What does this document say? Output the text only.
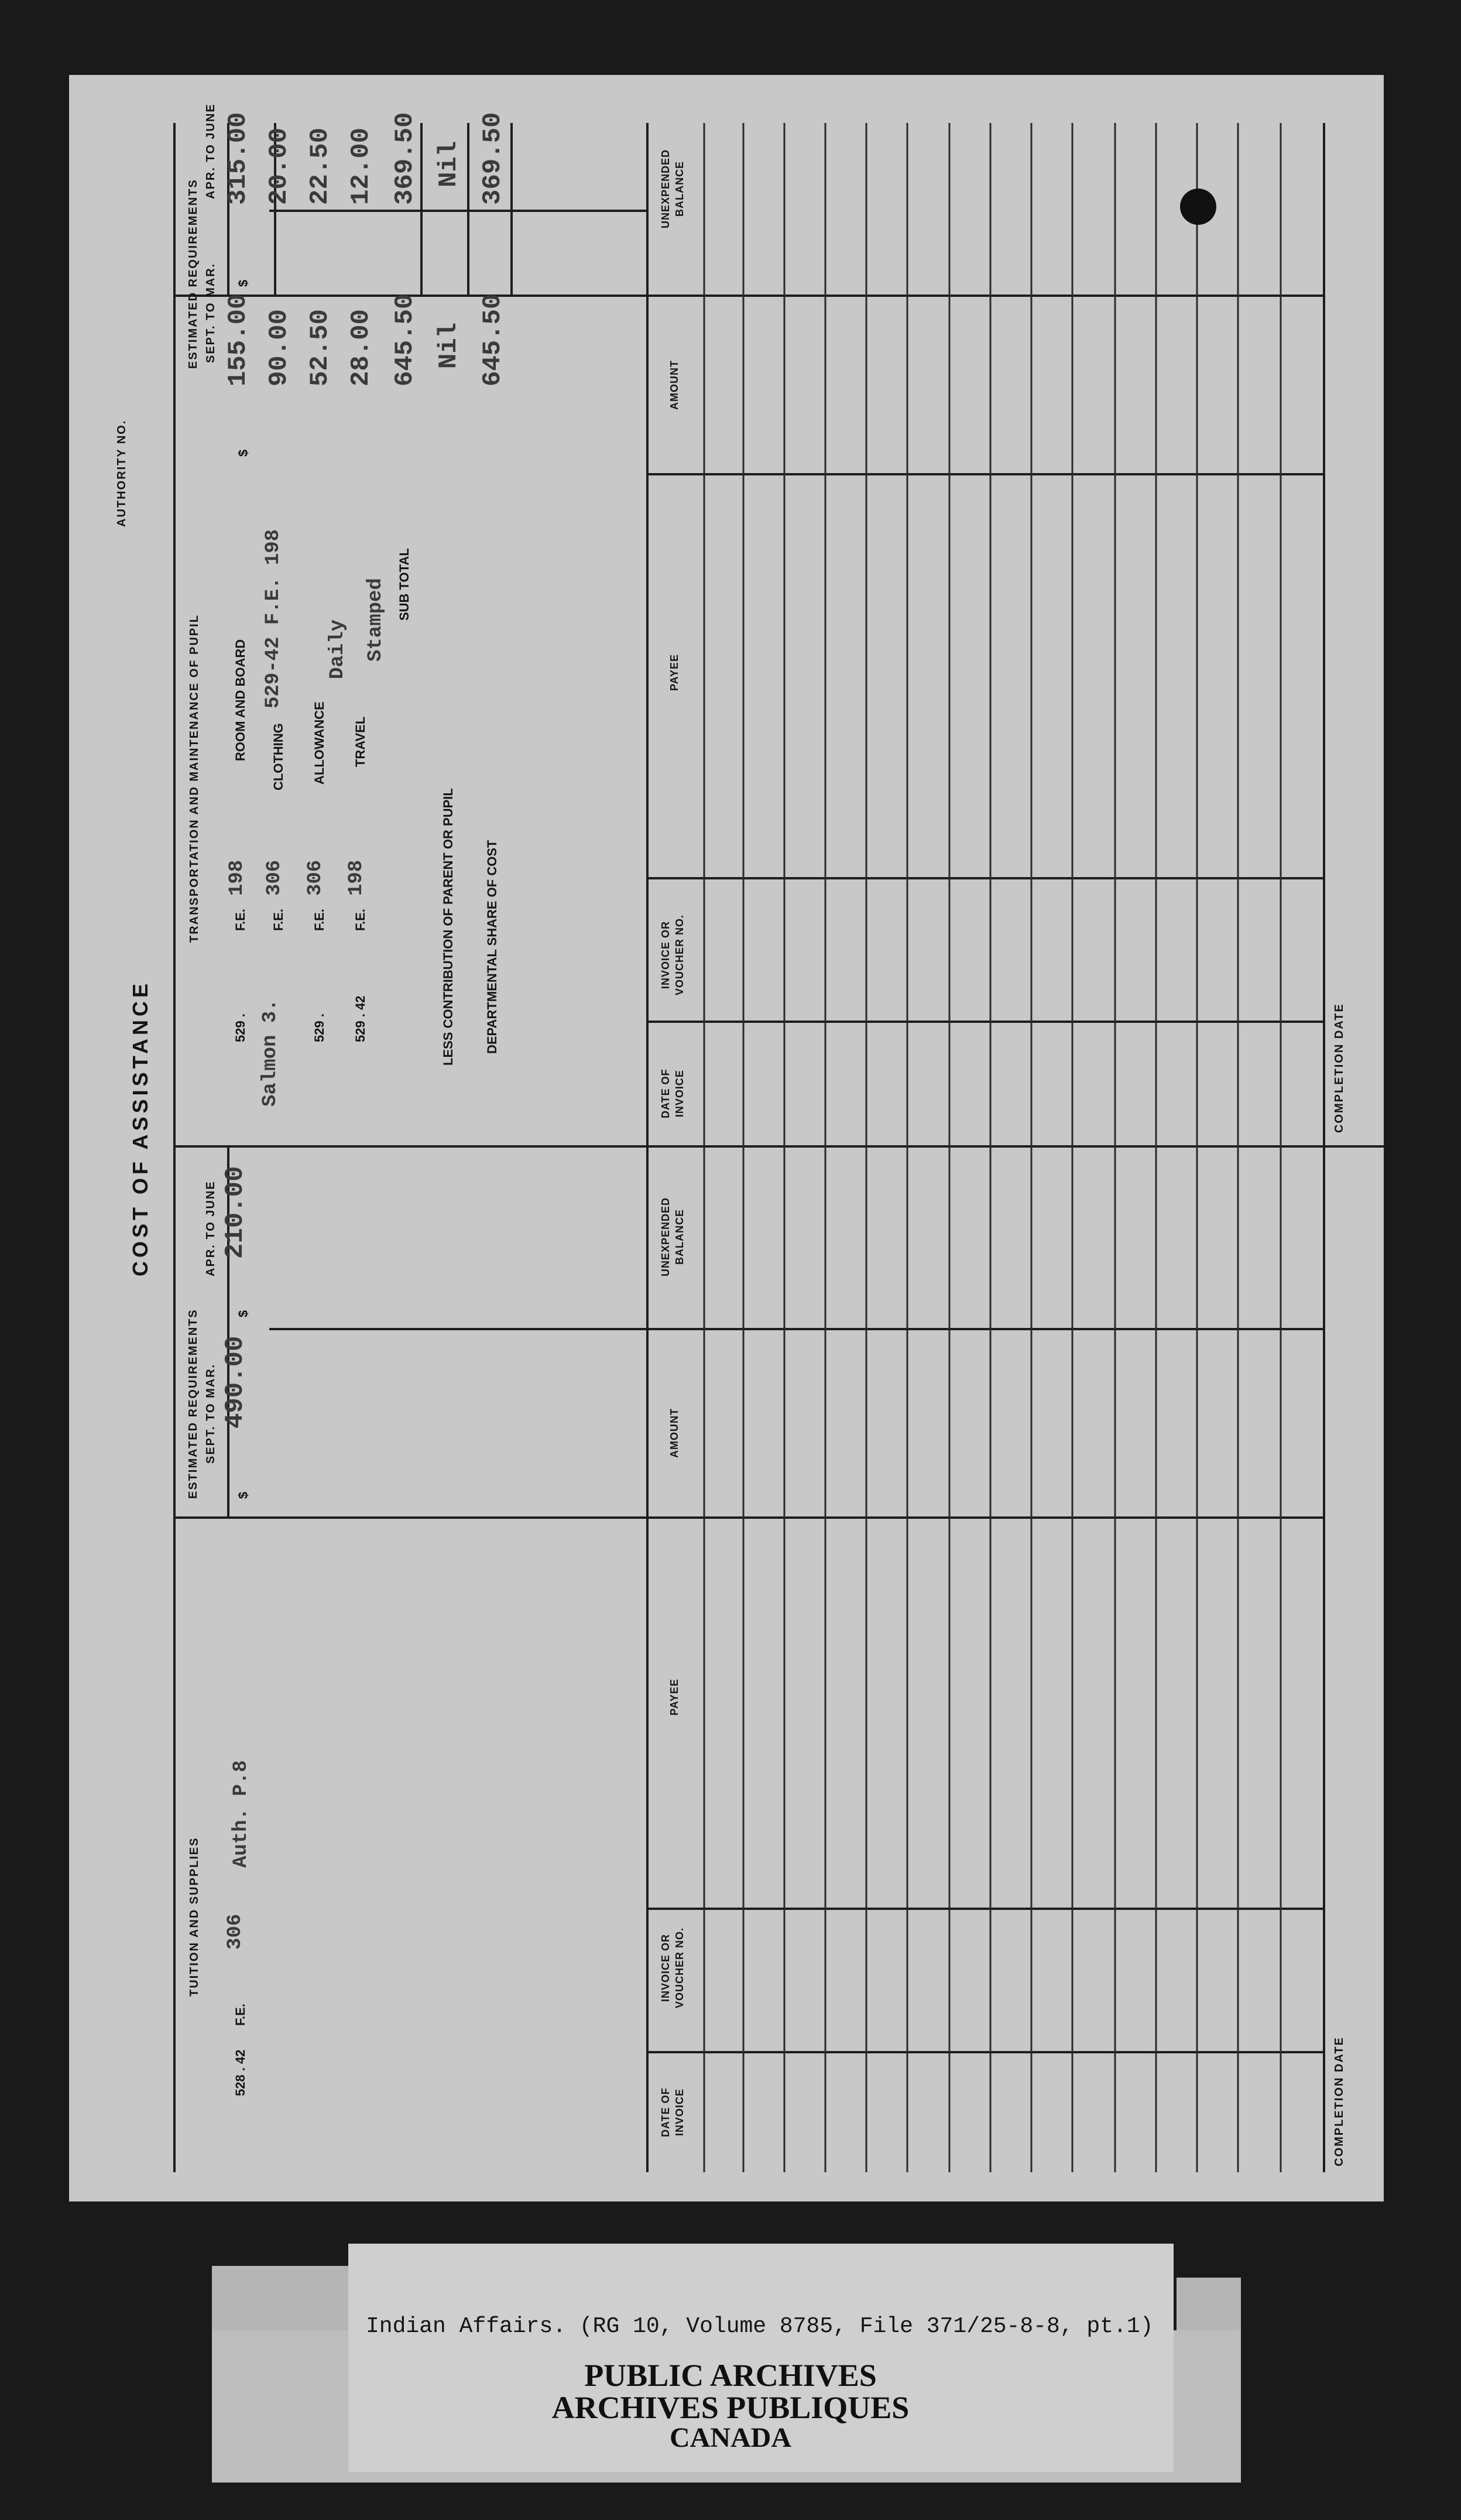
COST OF ASSISTANCE
AUTHORITY NO.
TUITION AND SUPPLIES
528 . 42
F.E.
306
Auth. P.8
ESTIMATED REQUIREMENTS SEPT. TO MAR.
APR. TO JUNE
$
$
490.00
210.00
TRANSPORTATION AND MAINTENANCE OF PUPIL
ESTIMATED REQUIREMENTS SEPT. TO MAR.
APR. TO JUNE
$
$
529 .
F.E.
198
ROOM AND BOARD
155.00
315.00
Salmon 3.
F.E.
306
CLOTHING
529-42 F.E. 198
90.00
20.00
529 .
F.E.
306
ALLOWANCE
Daily
52.50
22.50
529 . 42
F.E.
198
TRAVEL
Stamped
28.00
12.00
SUB TOTAL
645.50
369.50
LESS CONTRIBUTION OF PARENT OR PUPIL
Nil
Nil
DEPARTMENTAL SHARE OF COST
645.50
369.50
DATE OF
INVOICE
INVOICE OR
VOUCHER NO.
PAYEE
AMOUNT
UNEXPENDED
BALANCE
DATE OF
INVOICE
INVOICE OR
VOUCHER NO.
PAYEE
AMOUNT
UNEXPENDED
BALANCE
COMPLETION DATE
COMPLETION DATE
Indian Affairs. (RG 10, Volume 8785, File 371/25-8-8, pt.1)
PUBLIC ARCHIVES
ARCHIVES PUBLIQUES
CANADA
